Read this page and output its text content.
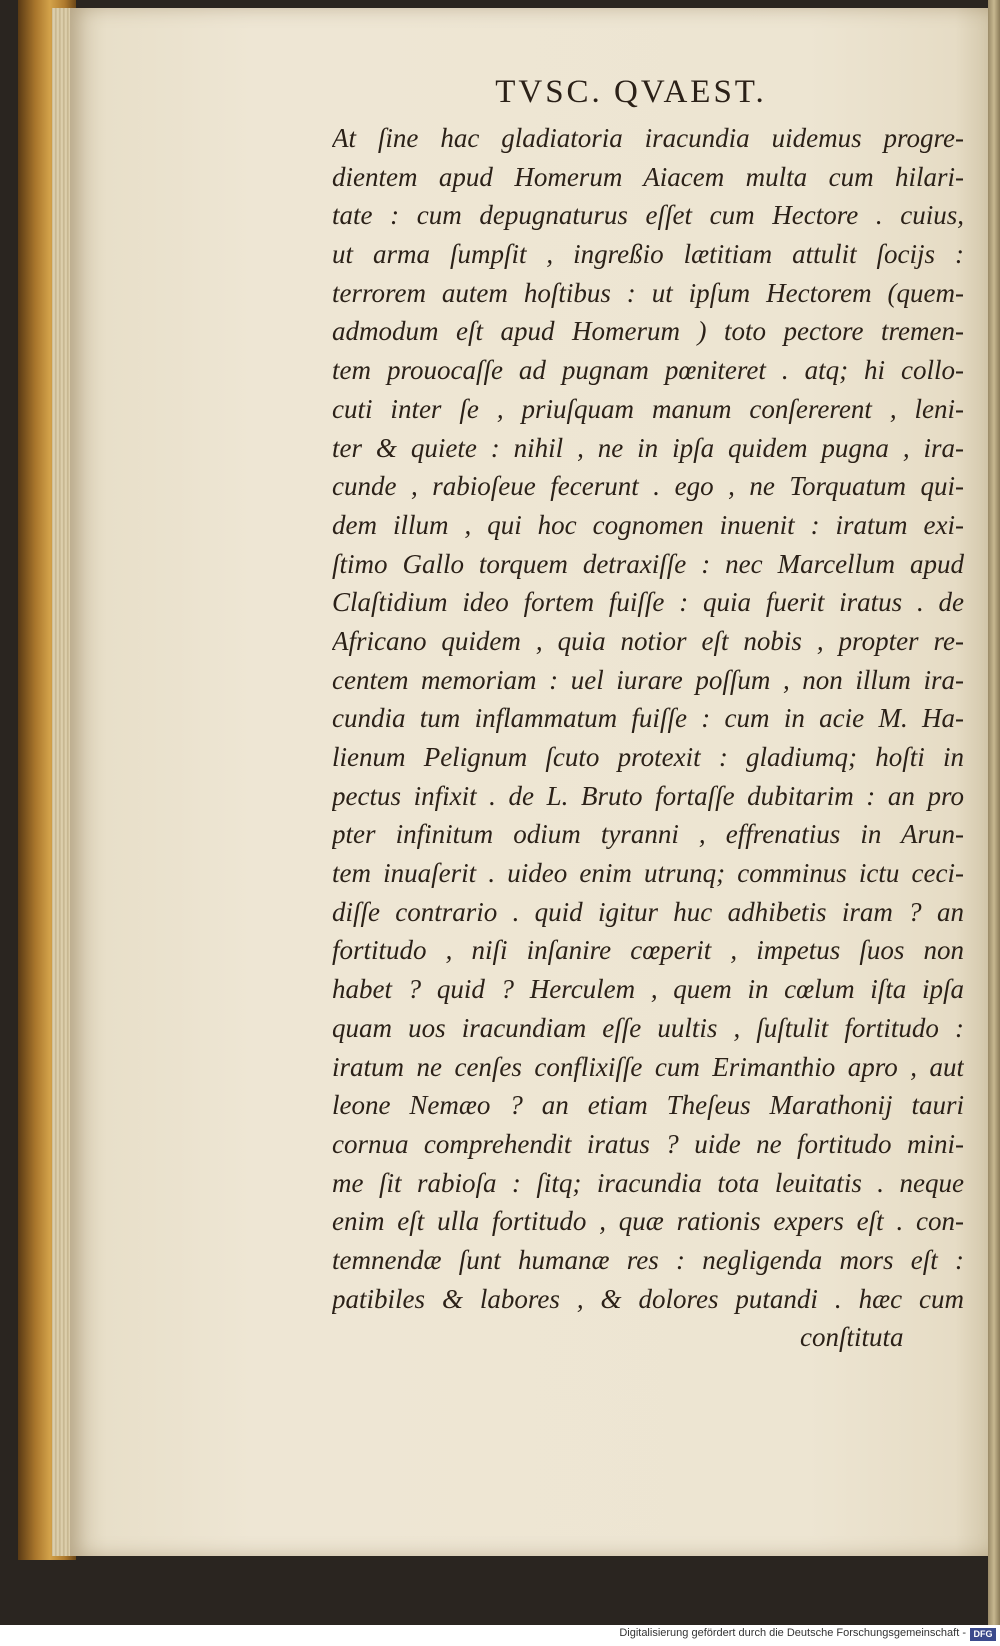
TVSC. QVAEST.
At ſine hac gladiatoria iracundia uidemus progre-
dientem apud Homerum Aiacem multa cum hilari-
tate : cum depugnaturus eſſet cum Hectore . cuius,
ut arma ſumpſit , ingreßio lætitiam attulit ſocijs :
terrorem autem hoſtibus : ut ipſum Hectorem (quem-
admodum eſt apud Homerum ) toto pectore tremen-
tem prouocaſſe ad pugnam pœniteret . atq; hi collo-
cuti inter ſe , priuſquam manum conſererent , leni-
ter & quiete : nihil , ne in ipſa quidem pugna , ira-
cunde , rabioſeue fecerunt . ego , ne Torquatum qui-
dem illum , qui hoc cognomen inuenit : iratum exi-
ſtimo Gallo torquem detraxiſſe : nec Marcellum apud
Claſtidium ideo fortem fuiſſe : quia fuerit iratus . de
Africano quidem , quia notior eſt nobis , propter re-
centem memoriam : uel iurare poſſum , non illum ira-
cundia tum inflammatum fuiſſe : cum in acie M. Ha-
lienum Pelignum ſcuto protexit : gladiumq; hoſti in
pectus infixit . de L. Bruto fortaſſe dubitarim : an pro
pter infinitum odium tyranni , effrenatius in Arun-
tem inuaſerit . uideo enim utrunq; comminus ictu ceci-
diſſe contrario . quid igitur huc adhibetis iram ? an
fortitudo , niſi inſanire cœperit , impetus ſuos non
habet ? quid ? Herculem , quem in cœlum iſta ipſa
quam uos iracundiam eſſe uultis , ſuſtulit fortitudo :
iratum ne cenſes conflixiſſe cum Erimanthio apro , aut
leone Nemæo ? an etiam Theſeus Marathonij tauri
cornua comprehendit iratus ? uide ne fortitudo mini-
me ſit rabioſa : ſitq; iracundia tota leuitatis . neque
enim eſt ulla fortitudo , quæ rationis expers eſt . con-
temnendæ ſunt humanæ res : negligenda mors eſt :
patibiles & labores , & dolores putandi . hæc cum
conſtituta
Digitalisierung gefördert durch die Deutsche Forschungsgemeinschaft - DFG
